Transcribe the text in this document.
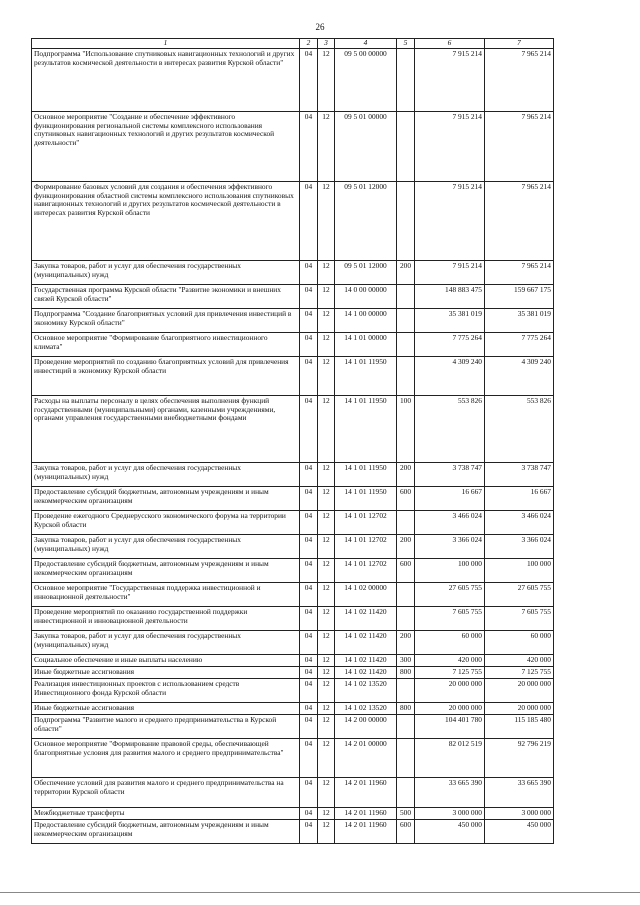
26
1	2	3	4	5	6	7
Подпрограмма "Использование спутниковых навигационных технологий и других результатов космической деятельности в интересах развития Курской области"	04	12	09 5 00 00000		7 915 214	7 965 214
Основное мероприятие "Создание и обеспечение эффективного функционирования региональной системы комплексного использования спутниковых навигационных технологий и других результатов космической деятельности"	04	12	09 5 01 00000		7 915 214	7 965 214
Формирование базовых условий для создания и обеспечения эффективного функционирования областной системы комплексного использования спутниковых навигационных технологий и других результатов космической деятельности в интересах развития Курской области	04	12	09 5 01 12000		7 915 214	7 965 214
Закупка товаров, работ и услуг для обеспечения государственных (муниципальных) нужд	04	12	09 5 01 12000	200	7 915 214	7 965 214
Государственная программа Курской области "Развитие экономики и внешних связей Курской области"	04	12	14 0 00 00000		148 883 475	159 667 175
Подпрограмма "Создание благоприятных условий для привлечения инвестиций в экономику Курской области"	04	12	14 1 00 00000		35 381 019	35 381 019
Основное мероприятие "Формирование благоприятного инвестиционного климата"	04	12	14 1 01 00000		7 775 264	7 775 264
Проведение мероприятий по созданию благоприятных условий для привлечения инвестиций в экономику Курской области	04	12	14 1 01 11950		4 309 240	4 309 240
Расходы на выплаты персоналу в целях обеспечения выполнения функций государственными (муниципальными) органами, казенными учреждениями, органами управления государственными внебюджетными фондами	04	12	14 1 01 11950	100	553 826	553 826
Закупка товаров, работ и услуг для обеспечения государственных (муниципальных) нужд	04	12	14 1 01 11950	200	3 738 747	3 738 747
Предоставление субсидий бюджетным, автономным учреждениям и иным некоммерческим организациям	04	12	14 1 01 11950	600	16 667	16 667
Проведение ежегодного Среднерусского экономического форума на территории Курской области	04	12	14 1 01 12702		3 466 024	3 466 024
Закупка товаров, работ и услуг для обеспечения государственных (муниципальных) нужд	04	12	14 1 01 12702	200	3 366 024	3 366 024
Предоставление субсидий бюджетным, автономным учреждениям и иным некоммерческим организациям	04	12	14 1 01 12702	600	100 000	100 000
Основное мероприятие "Государственная поддержка инвестиционной и инновационной деятельности"	04	12	14 1 02 00000		27 605 755	27 605 755
Проведение мероприятий по оказанию государственной поддержки инвестиционной и инновационной деятельности	04	12	14 1 02 11420		7 605 755	7 605 755
Закупка товаров, работ и услуг для обеспечения государственных (муниципальных) нужд	04	12	14 1 02 11420	200	60 000	60 000
Социальное обеспечение и иные выплаты населению	04	12	14 1 02 11420	300	420 000	420 000
Иные бюджетные ассигнования	04	12	14 1 02 11420	800	7 125 755	7 125 755
Реализация инвестиционных проектов с использованием средств Инвестиционного фонда Курской области	04	12	14 1 02 13520		20 000 000	20 000 000
Иные бюджетные ассигнования	04	12	14 1 02 13520	800	20 000 000	20 000 000
Подпрограмма "Развитие малого и среднего предпринимательства в Курской области"	04	12	14 2 00 00000		104 401 780	115 185 480
Основное мероприятие "Формирование правовой среды, обеспечивающей благоприятные условия для развития малого и среднего предпринимательства"	04	12	14 2 01 00000		82 012 519	92 796 219
Обеспечение условий для развития малого и среднего предпринимательства на территории Курской области	04	12	14 2 01 11960		33 665 390	33 665 390
Межбюджетные трансферты	04	12	14 2 01 11960	500	3 000 000	3 000 000
Предоставление субсидий бюджетным, автономным учреждениям и иным некоммерческим организациям	04	12	14 2 01 11960	600	450 000	450 000
